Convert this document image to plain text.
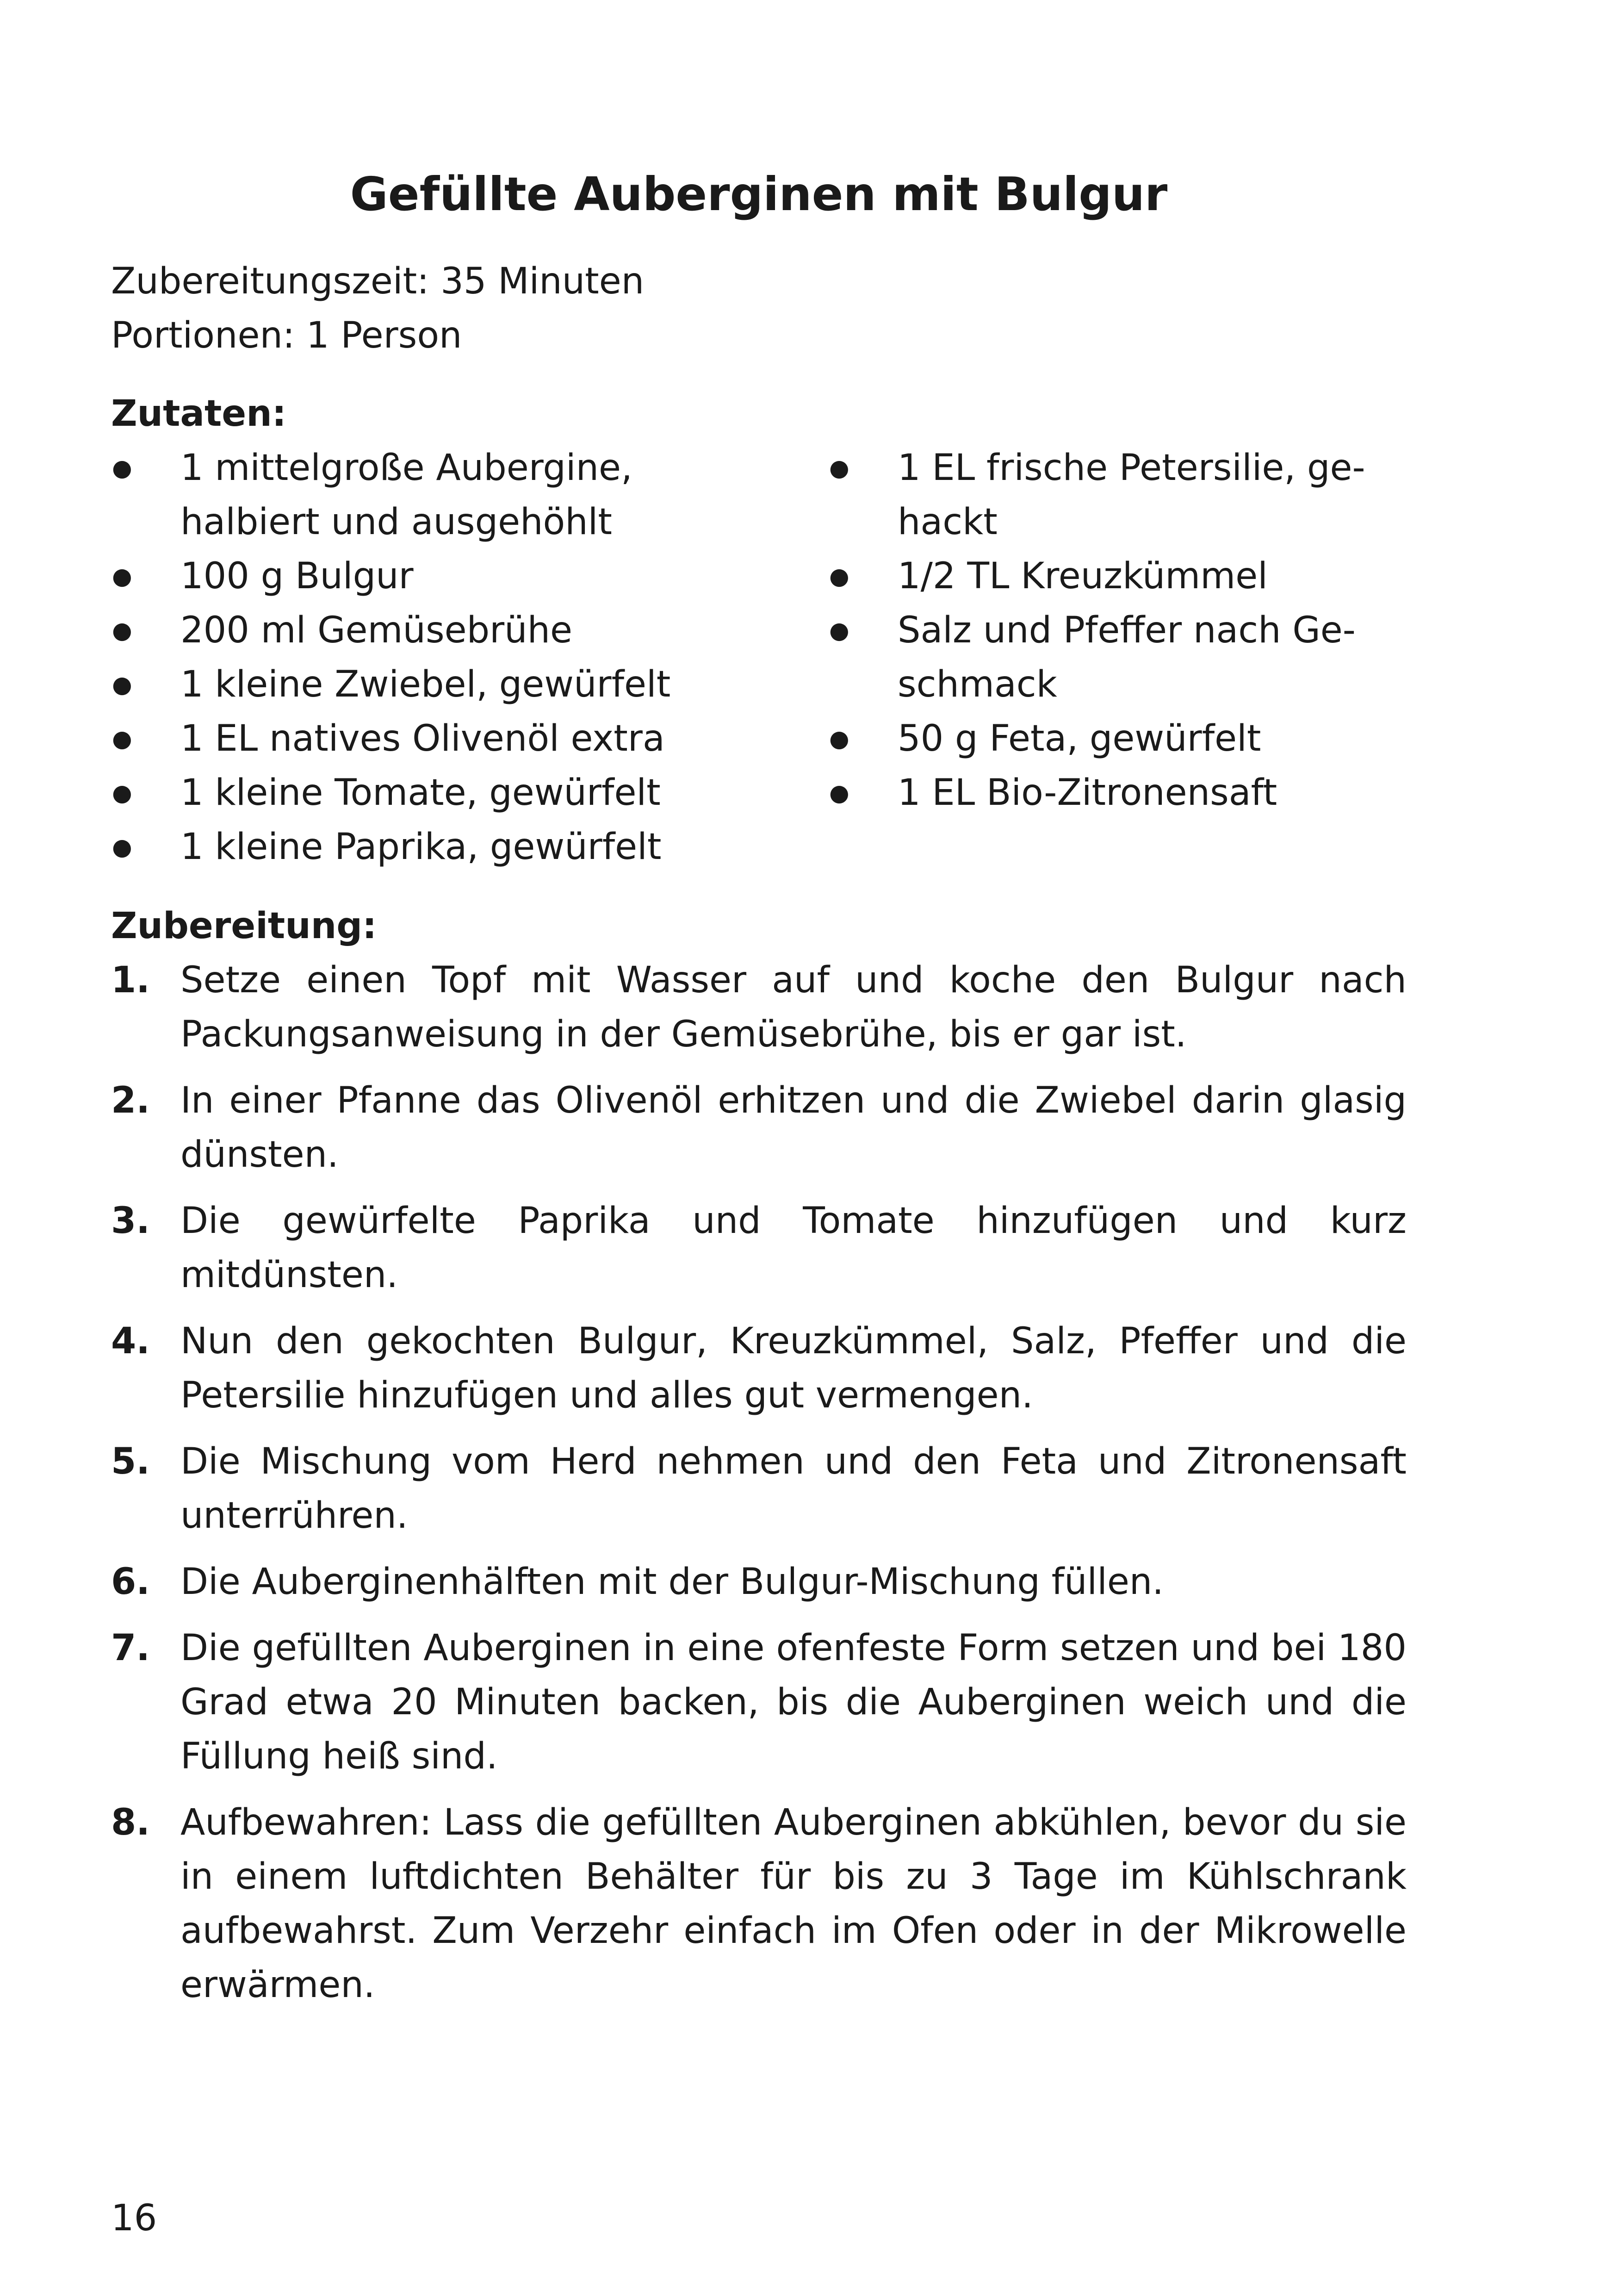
Gefüllte Auberginen mit Bulgur
Zubereitungszeit: 35 Minuten
Portionen: 1 Person
Zutaten:
● 1 mittelgroße Aubergine,
halbiert und ausgehöhlt
● 100 g Bulgur
● 200 ml Gemüsebrühe
● 1 kleine Zwiebel, gewürfelt
● 1 EL natives Olivenöl extra
● 1 kleine Tomate, gewürfelt
● 1 kleine Paprika, gewürfelt
● 1 EL frische Petersilie, ge-
hackt
● 1/2 TL Kreuzkümmel
● Salz und Pfeffer nach Ge-
schmack
● 50 g Feta, gewürfelt
● 1 EL Bio-Zitronensaft
Zubereitung:
1. Setze einen Topf mit Wasser auf und koche den Bulgur nach Packungsanweisung in der Gemüsebrühe, bis er gar ist.
2. In einer Pfanne das Olivenöl erhitzen und die Zwiebel darin glasig dünsten.
3. Die gewürfelte Paprika und Tomate hinzufügen und kurz mitdünsten.
4. Nun den gekochten Bulgur, Kreuzkümmel, Salz, Pfeffer und die Petersilie hinzufügen und alles gut vermengen.
5. Die Mischung vom Herd nehmen und den Feta und Zitronensaft unterrühren.
6. Die Auberginenhälften mit der Bulgur-Mischung füllen.
7. Die gefüllten Auberginen in eine ofenfeste Form setzen und bei 180 Grad etwa 20 Minuten backen, bis die Auberginen weich und die Füllung heiß sind.
8. Aufbewahren: Lass die gefüllten Auberginen abkühlen, bevor du sie in einem luftdichten Behälter für bis zu 3 Tage im Kühlschrank aufbewahrst. Zum Verzehr einfach im Ofen oder in der Mikrowelle erwärmen.
16
